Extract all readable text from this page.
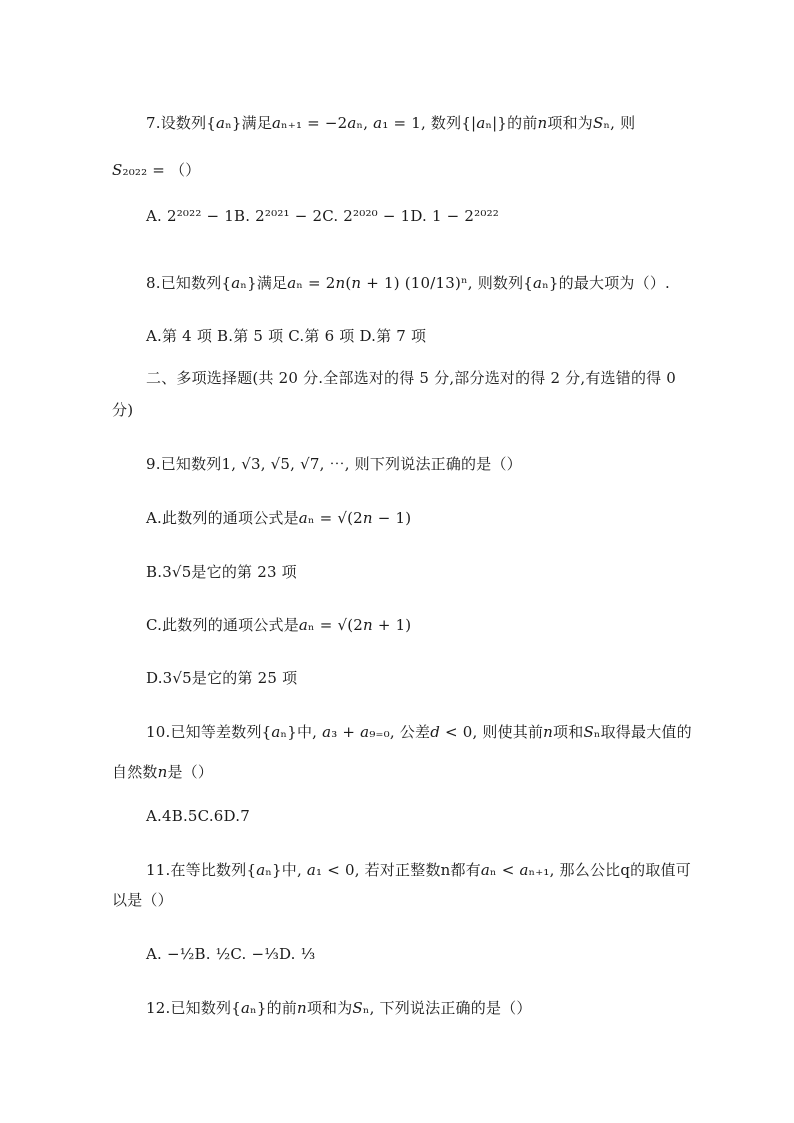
7.设数列{𝑎ₙ}满足𝑎ₙ₊₁ = −2𝑎ₙ, 𝑎₁ = 1, 数列{|𝑎ₙ|}的前𝑛项和为𝑆ₙ, 则
𝑆₂₀₂₂ = （）
A. 2²⁰²² − 1B. 2²⁰²¹ − 2C. 2²⁰²⁰ − 1D. 1 − 2²⁰²²
8.已知数列{𝑎ₙ}满足𝑎ₙ = 2𝑛(𝑛 + 1) (10/13)ⁿ, 则数列{𝑎ₙ}的最大项为（）.
A.第 4 项 B.第 5 项 C.第 6 项 D.第 7 项
二、多项选择题(共 20 分.全部选对的得 5 分,部分选对的得 2 分,有选错的得 0
分)
9.已知数列1, √3, √5, √7, ⋯, 则下列说法正确的是（）
A.此数列的通项公式是𝑎ₙ = √(2𝑛 − 1)
B.3√5是它的第 23 项
C.此数列的通项公式是𝑎ₙ = √(2𝑛 + 1)
D.3√5是它的第 25 项
10.已知等差数列{𝑎ₙ}中, 𝑎₃ + 𝑎₉₌₀, 公差𝑑 < 0, 则使其前𝑛项和𝑆ₙ取得最大值的
自然数𝑛是（）
A.4B.5C.6D.7
11.在等比数列{𝑎ₙ}中, 𝑎₁ < 0, 若对正整数n都有𝑎ₙ < 𝑎ₙ₊₁, 那么公比q的取值可
以是（）
A. −½B. ½C. −⅓D. ⅓
12.已知数列{𝑎ₙ}的前𝑛项和为𝑆ₙ, 下列说法正确的是（）
